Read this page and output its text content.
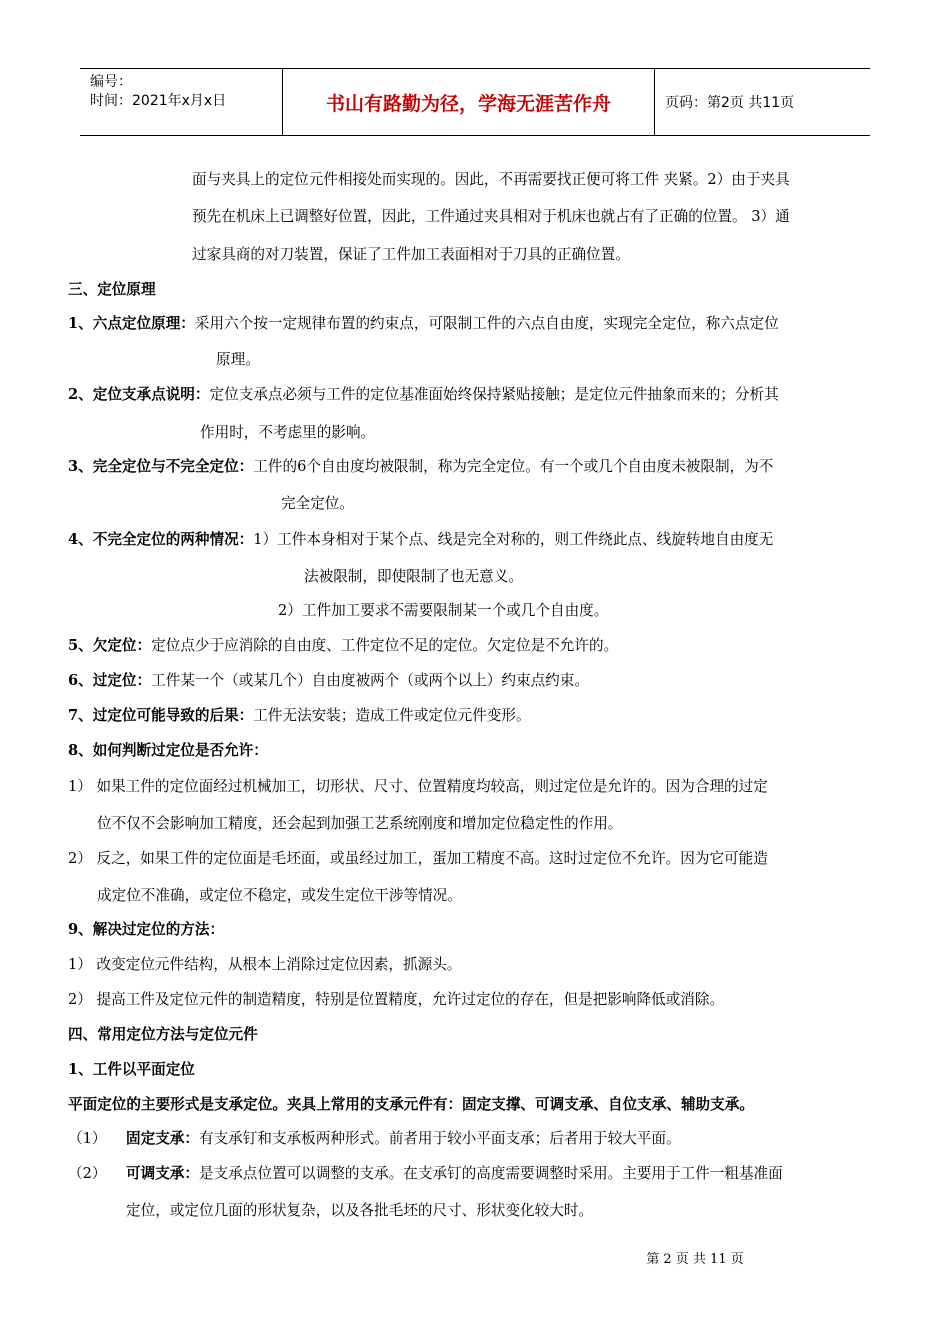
编号：
时间：2021年x月x日	书山有路勤为径，学海无涯苦作舟	页码：第2页 共11页
面与夹具上的定位元件相接处而实现的。因此，不再需要找正便可将工件 夹紧。2）由于夹具
预先在机床上已调整好位置，因此，工件通过夹具相对于机床也就占有了正确的位置。 3）通
过家具商的对刀装置，保证了工件加工表面相对于刀具的正确位置。
三、定位原理
1、六点定位原理：采用六个按一定规律布置的约束点，可限制工件的六点自由度，实现完全定位，称六点定位
原理。
2、定位支承点说明：定位支承点必须与工件的定位基准面始终保持紧贴接触；是定位元件抽象而来的；分析其
作用时，不考虑里的影响。
3、完全定位与不完全定位：工件的6个自由度均被限制，称为完全定位。有一个或几个自由度未被限制，为不
完全定位。
4、不完全定位的两种情况：1）工件本身相对于某个点、线是完全对称的，则工件绕此点、线旋转地自由度无
法被限制，即使限制了也无意义。
2）工件加工要求不需要限制某一个或几个自由度。
5、欠定位：定位点少于应消除的自由度、工件定位不足的定位。欠定位是不允许的。
6、过定位：工件某一个（或某几个）自由度被两个（或两个以上）约束点约束。
7、过定位可能导致的后果：工件无法安装；造成工件或定位元件变形。
8、如何判断过定位是否允许：
1） 如果工件的定位面经过机械加工，切形状、尺寸、位置精度均较高，则过定位是允许的。因为合理的过定
位不仅不会影响加工精度，还会起到加强工艺系统刚度和增加定位稳定性的作用。
2） 反之，如果工件的定位面是毛坯面，或虽经过加工，蛋加工精度不高。这时过定位不允许。因为它可能造
成定位不准确，或定位不稳定，或发生定位干涉等情况。
9、解决过定位的方法：
1） 改变定位元件结构，从根本上消除过定位因素，抓源头。
2） 提高工件及定位元件的制造精度，特别是位置精度，允许过定位的存在，但是把影响降低或消除。
四、常用定位方法与定位元件
1、工件以平面定位
平面定位的主要形式是支承定位。夹具上常用的支承元件有：固定支撑、可调支承、自位支承、辅助支承。
（1） 固定支承：有支承钉和支承板两种形式。前者用于较小平面支承；后者用于较大平面。
（2） 可调支承：是支承点位置可以调整的支承。在支承钉的高度需要调整时采用。主要用于工件一粗基准面
定位，或定位几面的形状复杂，以及各批毛坯的尺寸、形状变化较大时。
第 2 页 共 11 页
